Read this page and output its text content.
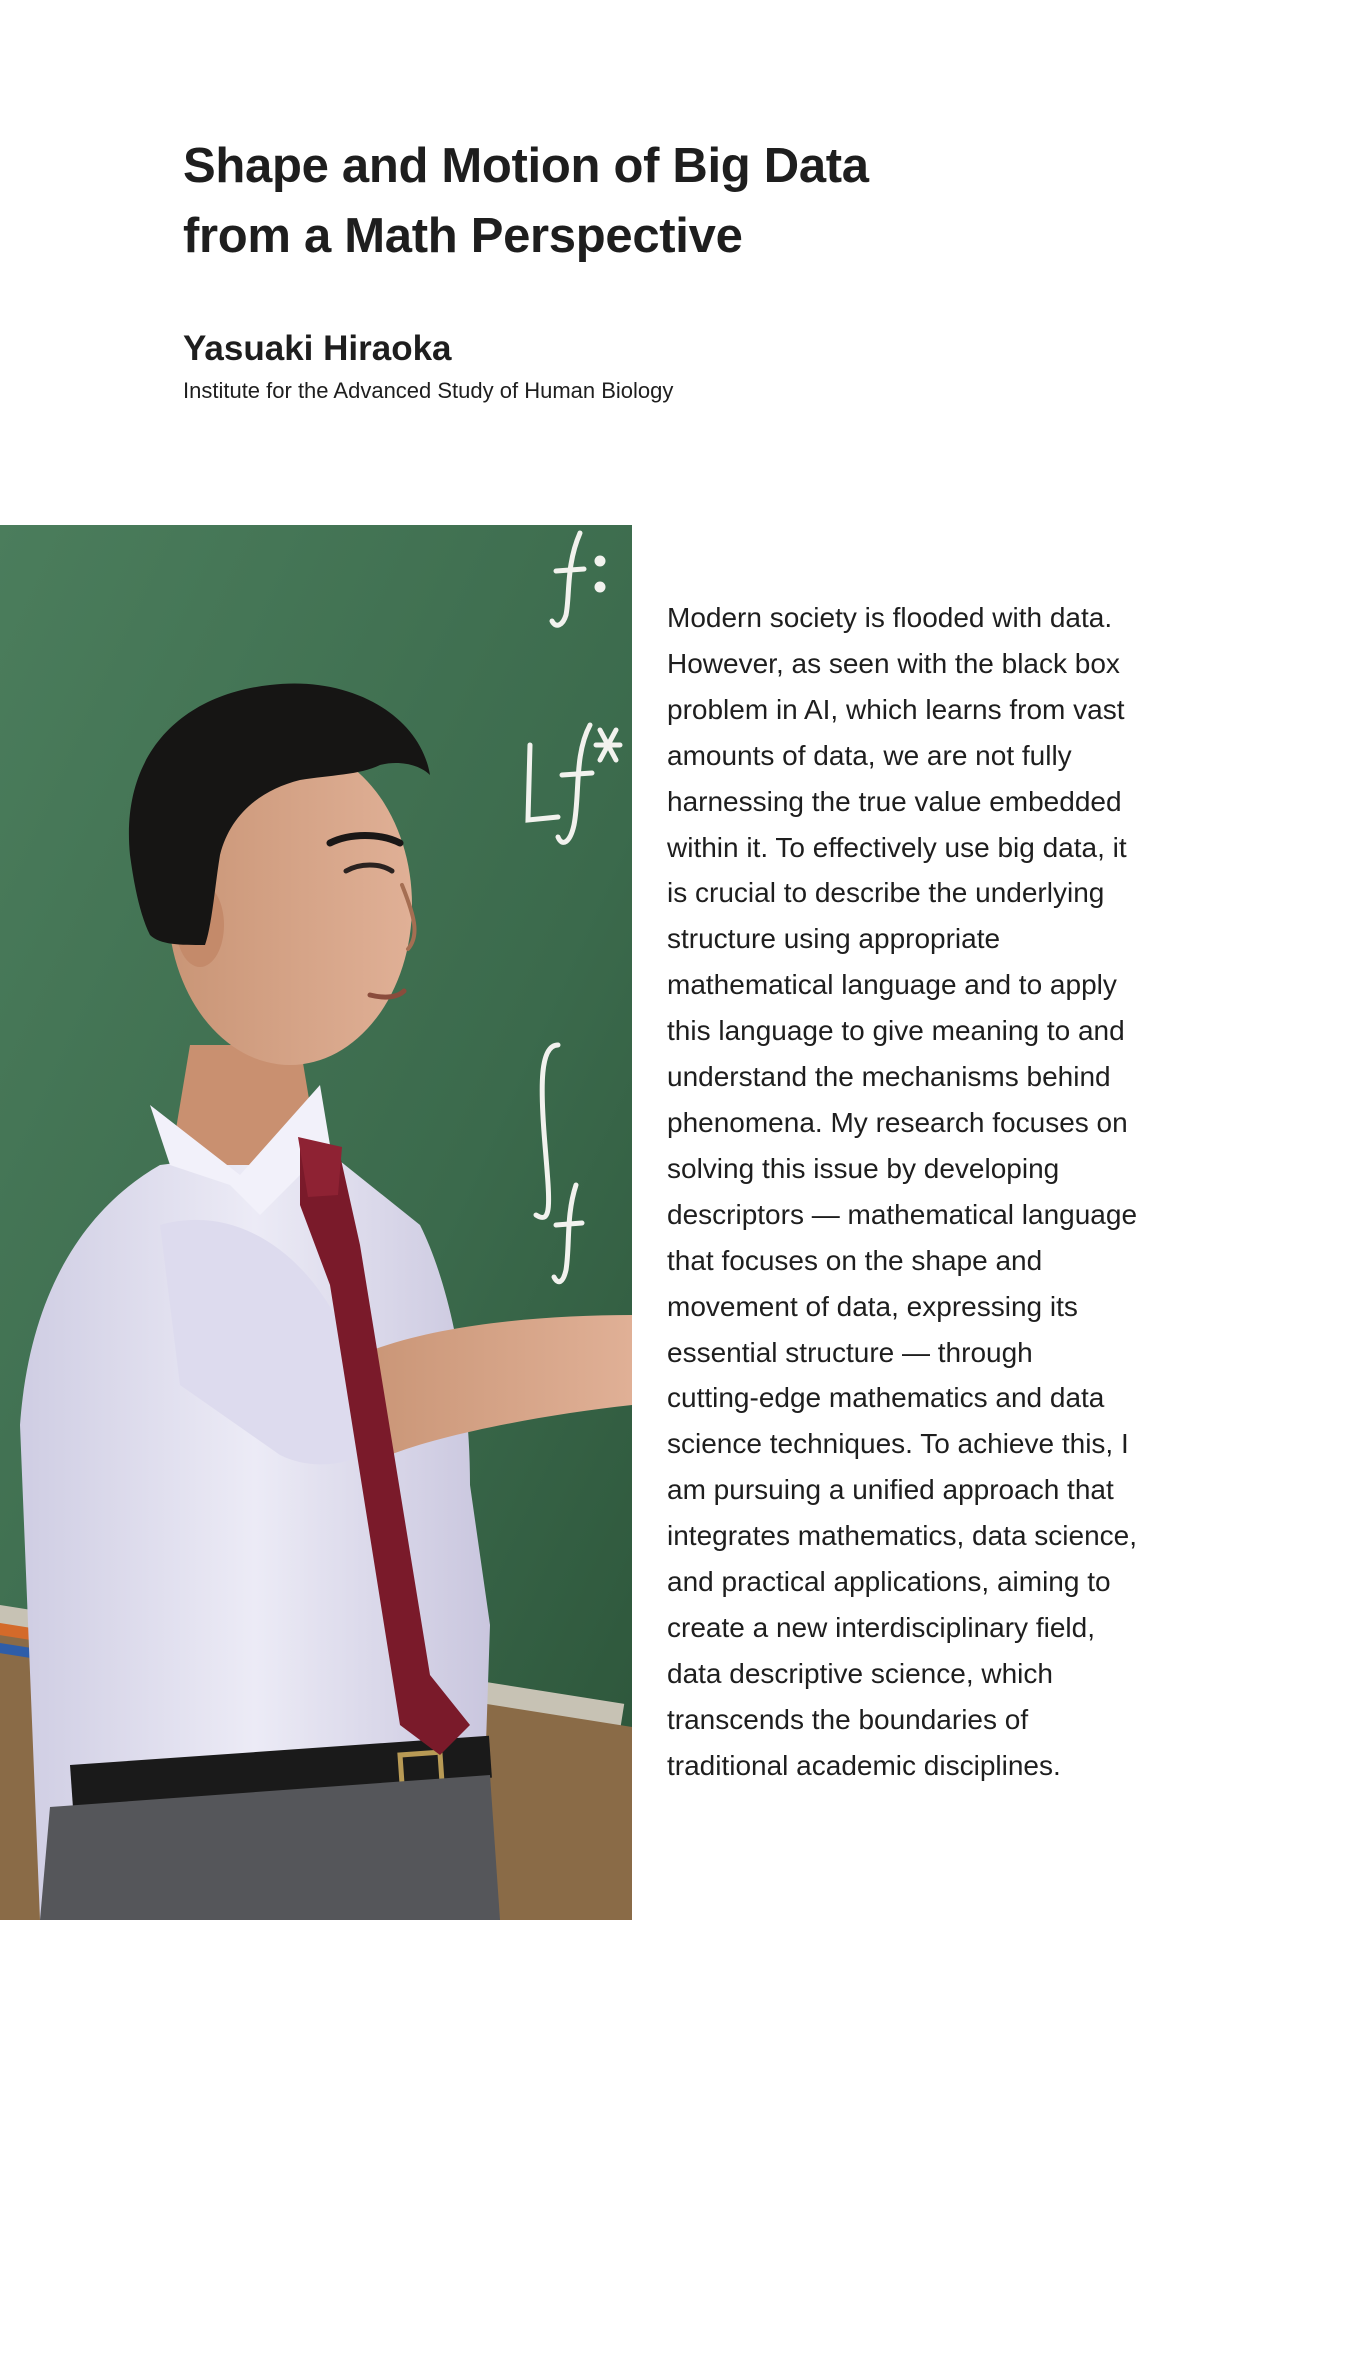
Shape and Motion of Big Data
from a Math Perspective

Yasuaki Hiraoka

Institute for the Advanced Study of Human Biology

12
Modern society is flooded with data.
However, as seen with the black box
problem in AI, which learns from vast
amounts of data, we are not fully
harnessing the true value embedded
within it. To effectively use big data, it
is crucial to describe the underlying
structure using appropriate
mathematical language and to apply
this language to give meaning to and
understand the mechanisms behind
phenomena. My research focuses on
solving this issue by developing
descriptors — mathematical language
that focuses on the shape and
movement of data, expressing its
essential structure — through
cutting-edge mathematics and data
science techniques. To achieve this, I
am pursuing a unified approach that
integrates mathematics, data science,
and practical applications, aiming to
create a new interdisciplinary field,
data descriptive science, which
transcends the boundaries of
traditional academic disciplines.
